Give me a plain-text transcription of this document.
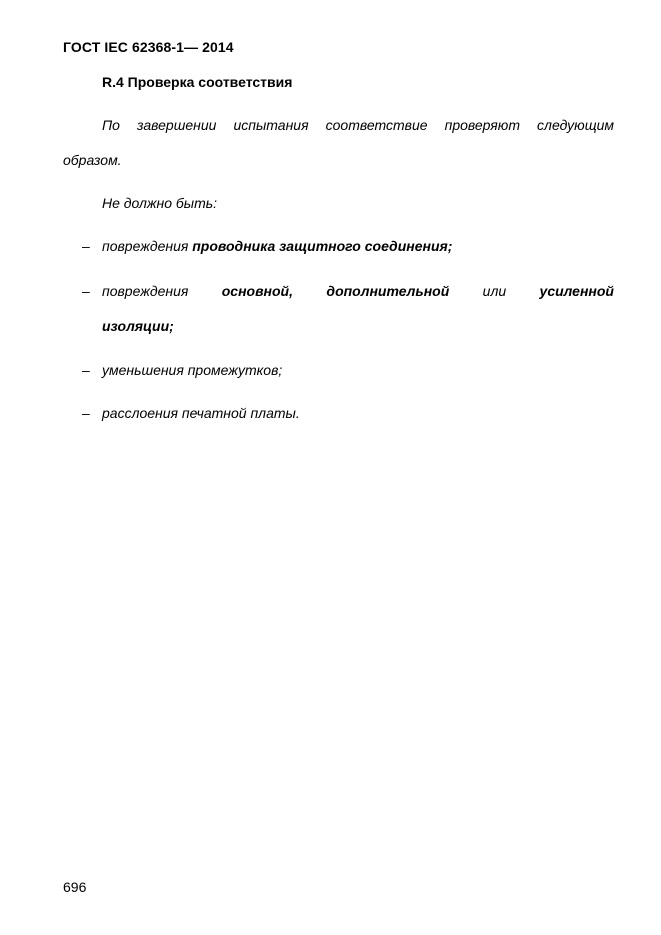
ГОСТ IEC 62368-1— 2014
R.4 Проверка соответствия
По завершении испытания соответствие проверяют следующим
образом.
Не должно быть:
– повреждения проводника защитного соединения;
– повреждения основной, дополнительной или усиленной
изоляции;
– уменьшения промежутков;
– расслоения печатной платы.
696
